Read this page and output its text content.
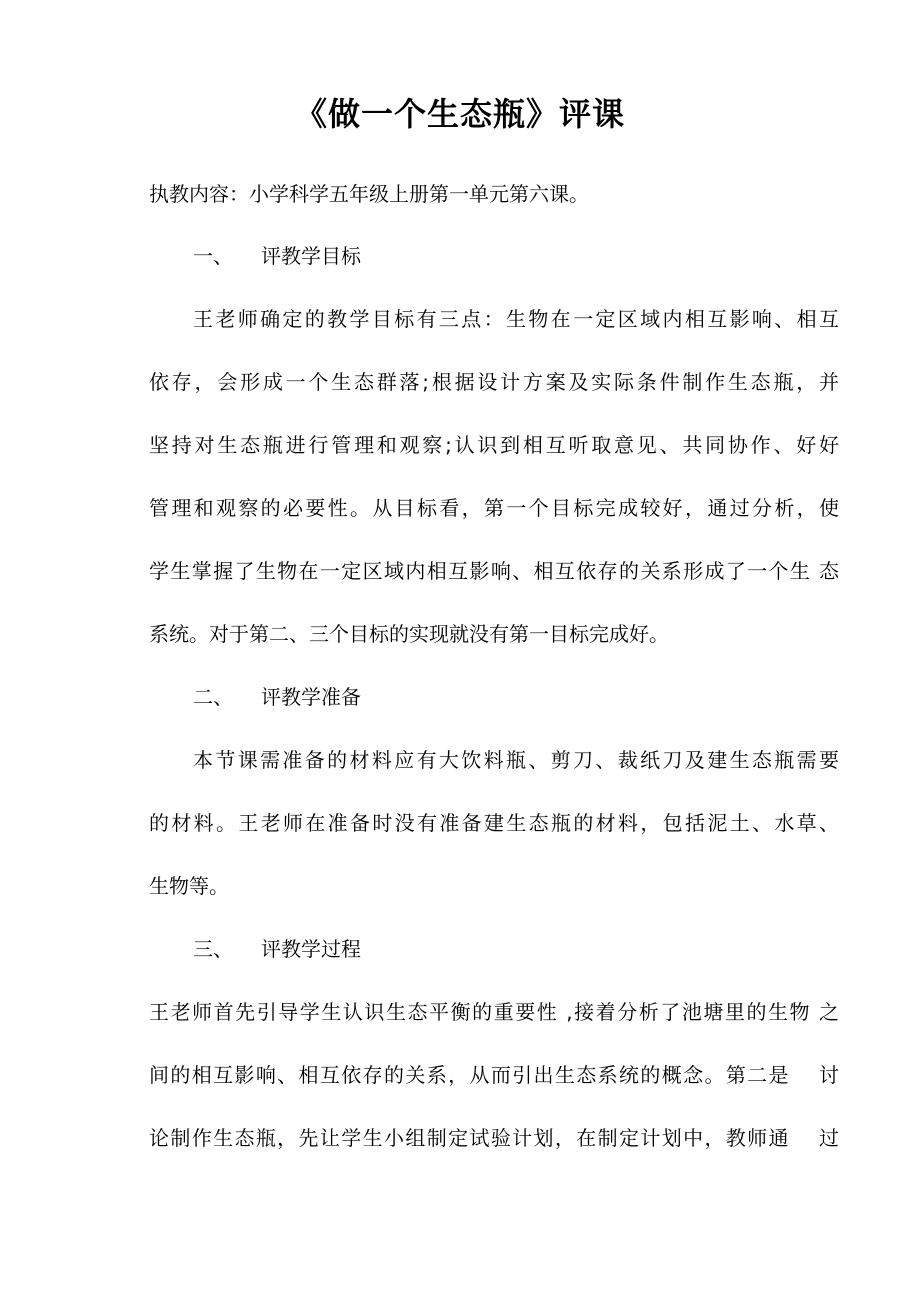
《做一个生态瓶》评课
执教内容：小学科学五年级上册第一单元第六课。
一、 评教学目标
王老师确定的教学目标有三点：生物在一定区域内相互影响、相互
依存，会形成一个生态群落;根据设计方案及实际条件制作生态瓶，并
坚持对生态瓶进行管理和观察;认识到相互听取意见、共同协作、好好
管理和观察的必要性。从目标看，第一个目标完成较好，通过分析，使
学生掌握了生物在一定区域内相互影响、相互依存的关系形成了一个生 态
系统。对于第二、三个目标的实现就没有第一目标完成好。
二、 评教学准备
本节课需准备的材料应有大饮料瓶、剪刀、裁纸刀及建生态瓶需要
的材料。王老师在准备时没有准备建生态瓶的材料，包括泥土、水草、
生物等。
三、 评教学过程
王老师首先引导学生认识生态平衡的重要性 ,接着分析了池塘里的生物 之
间的相互影响、相互依存的关系，从而引出生态系统的概念。第二是　 讨
论制作生态瓶，先让学生小组制定试验计划，在制定计划中，教师通　 过
